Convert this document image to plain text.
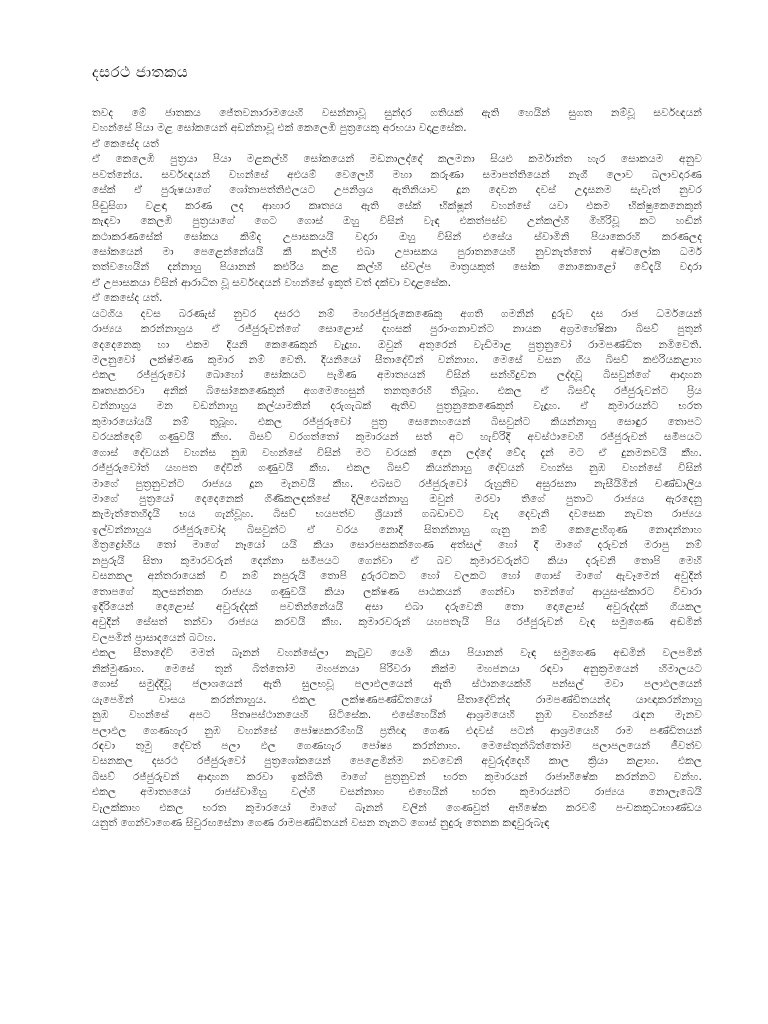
දසරථ ජාතකය
තවද මේ ජාතකය ජේතවනාරාමයෙහි වසන්නාවූ සුන්දර ගතියක් ඇති හෙයින් සුගත නම්වූ සර්වඥයන්
වහන්සේ පියා මළ සෝකයෙන් අඩන්නාවූ එක් කෙලෙඹි පුත්‍රයෙකු අරභයා වදාළසේක.
ඒ කෙසේද යත්
ඒ කෙලෙඹි පුත්‍රයා පියා මළකල්හි සෝකයෙන් මඩනාලද්දේ කලමනා සියළු කර්මාන්ත හැර සොකයම අනුව
පවත්නේය. සර්වඥයන් වහන්සේ අළුයම් වෙලෙහි මහා කරුණා සමාපත්තියෙන් නැගී ලොව බලාවදාරණ
සේක් ඒ පුරුෂයාගේ ශෝතාපත්තිඵලයට උපනිශ්‍රය ඇතිනියාව දූන දෙවන දවස් උදෑසනම සැවැත් නුවර
පිඬුසිගා වළඳා කරණ ලද ආහාර කෘත්‍යය ඇති සේක් භික්ෂූන් වහන්සේ යවා එකම භික්ෂුකෙනෙකුන්
කැඳවා කෙලඹි පුත්‍රයාගේ ගෙට ගොස් ඔහු විසින් වැඳ එකත්පස්ව උන්කල්හි මිහිරිවූ කට හඬින්
කථාකරණසේක් සෝකය කිම්ද උපාසකයයි වදාරා ඔහු විසින් එසේය ස්වාමිනි පියාකෙරහි කරණලද
සෝකයෙන් මා පෙළෙන්නේයයි කී කල්හි එබා උපාසකය පුරාතනයෙහි නුවනැත්තෝ අෂ්ටලෝක ධර්ම
තත්වහෙයින් දන්නාහු පියානන් කළුරිය කළ කල්හි ස්වල්ප මාත්‍රයකුත් සෝක නොකොළෝ වේදැයි වදාරා
ඒ උපාසකයා විසින් ආරාධිත වූ සර්වඥයන් වහන්සේ ඉකුත් වත් දක්වා වදාළසේක.
ඒ කෙසේද යත්.
යටගිය දවස බරණැස් නුවර දසරථ නම් මහරජ්ජුරුකෙණෙකු අගති ගමනින් දුරුව දස රාජ ධර්මයෙන්
රාජ්‍යය කරන්නාහුය ඒ රජ්ජුරුවන්ගේ සොළොස් දහසක් පුරාංගනාවන්ට නායක අග්‍රමහේෂිකා බිසව් පුතුන්
දෙදෙනෙකු හා එකම දියනි කෙණෙකුන් වැදූහ. ඔවුන් අතුරෙන් වැඩිමාළ පුත්‍රනුවෝ රාමපණ්ඩිත නමිවෙති.
මලනුවෝ ලක්ෂ්මණ කුමාර නම් වෙති. දියනියෝ සීතාදේවීන් වන්නාහ. මෙසේ වසන ගිය බිසව් කළුරියකළාහ
එකල රජ්ජුරුවෝ බොහෝ සෝකයට පැමිණ අමාත්‍යයන් විසින් සන්හිදුවන ලද්දාවූ බිසවුන්ගේ ආදාහන
කෘත්‍යකරවා අනික් බිසෝකෙණෙකුන් අගමෙහෙසුන් තනතුරෙහි තිබූහ. එකල ඒ බිසව්ද රජ්ජුරුවන්ට ප්‍රිය
වන්නාහුය මන වඩන්නාහු කල්යාමකින් දරුගැබක් ඇතිව පුත්‍රනුකෙණෙකුන් වැදූහ. ඒ කුමාරයන්ට භරත
කුමාරයෝයයි නම් තුබූහ. එකල රජ්ජුරුවෝ පුත්‍ර සෙනෙහයෙන් බිසවුන්ට කියන්නාහු සොඳුර තොපට
වරයක්දෙම් ගණුවයි කීහ. බිසව් වරගත්තෝ කුමාරයන් සත් අට හැවිරිදි අවස්ථාවෙහි රජ්ජුරුවන් සමීපයට
ගොස් දේවයන් වහන්ස නුඹ වහන්සේ විසින් මට වරයක් දෙන ලද්දේ වේද දැන් මට ඒ දුනමනවයි කීහ.
රජ්ජුරුවෝත් යහපත දේවීන් ගණුවයි කීහ. එකල බිසව් කියන්නාහු දේවයන් වහන්ස නුඹ වහන්සේ විසින්
මාගේ පුත්‍රනුවන්ට රාජ්‍යය දූන මැනවයි කීහ. එබසට රජ්ජුරුවෝ රුහුනිව අසුරසනා නැසීයිමින් චණ්ඩාලිය
මාගේ පුත්‍රයෝ දෙදෙනෙක් ගිණිකලඳක්සේ දිලියෙන්නාහු ඔවුන් මරවා තිගේ පුතාට රාජ්‍යය ඇරදෙනු
කැමැත්තෙහිදැයි භය ගැන්වූහ. බිසව් භයපත්ව ශ්‍රියාන් ගබඩාවට වැද දෙවැනි දවසෙක නැවත රාජ්‍යය
ඉල්වන්නාහුය රජ්ජුරුවෝද බිසවුන්ට ඒ වරය නොදී සිතන්නාහු ගැනු නම් කෙළෙහිගුණ නොදන්නාහ
මිත්‍රද්‍රෝහිය තෝ මාගේ නෑයෝ යයි කියා සොරපසකක්ගෙණ අත්සල් හෝ දී මාගේ දරුවන් මරාපු නම්
නපුරුයි සිතා කුමාරවරුන් දෙන්නා සමීපයට ගෙන්වා ඒ බව කුමාරවරුන්ට කියා දරුවනි තොපි මෙහි
වසනකල අන්තරායෙක් වී නම් නපුරුයි තොපි දුරුරටකට හෝ වලකට හෝ ගොස් මාගේ ඇවෑමෙන් අවුදින්
තොපගේ කුලසන්තක රාජ්‍යය ගණුවයි කියා ලක්ෂණ පාඨකයන් ගෙන්වා තමන්ගේ ආයුසංස්කාරට විචාරා
ඉදිරියෙන් දොළොස් අවුරුද්දක් පවතින්නේයයි අසා එබා දරුවෙනි තො දොළොස් අවුරුද්දක් ගියකල
අවුදින් සේසත් තන්වා රාජ්‍යය කරවයි කීහ. කුමාරවරුන් යහපතැයි පිය රජ්ජුරුවන් වැඳ සමුගෙණ අඬමින්
වලපමින් ප්‍රාසාදයෙන් බටහ.
එකල සීතාදේවි මමත් බෑනන් වහන්සේලා කැටුව යෙමි කියා පියානන් වැඳ සමුගෙණ අඬමින් වලපමින්
නික්මුණාහ. මෙසේ තුන් බිත්තෝම මහජනයා පිරිවරා නික්ම මහජනයා රඳවා අනුක්‍රමයෙන් හිමාලයට
ගොස් සමුද්දිවූ ජලාශයෙන් ඇති සුලභවූ පලාඵලයෙන් ඇති ස්ථානයෙක්හි පන්සල් මවා පලාඵලයෙන්
යැපෙමින් වාසය කරන්නාහුය. එකල ලක්ෂණපණ්ඩිතයෝ සීතාදේවින්ද රාමපණ්ඩිතයන්ද යාඥාකරන්නාහු
නුඹ වහන්සේ අපට පිතෘපස්ථානයෙහි සිටිසේක. එසේහෙයින් ආශ්‍රමයෙහි නුඹ වහන්සේ රැඳන මැනව
පලාඵල ගෙණහැර නුඹ වහන්සේ පෝෂ්‍යකරම්හයි ප්‍රතිඥා ගෙණ එදවස් පටන් ආශ්‍රමයෙහි රාම පණ්ඩිතයන්
රඳවා තුමු දේවත් පලා ඵල ගෙණහැර පෝෂ්‍ය කරන්නාහ. මෙසේතුන්බිත්තෝම පලාපලයෙන් ජීවත්ව
වසනකල දසරථ රජ්ජුරුවෝ පුත්‍රශෝකයෙන් පෙළෙමින්ම නවවෙනි අවුරුද්දෙහි කාල ක්‍රියා කළාහ. එකල
බිසව් රජ්ජුරුවන් ආදාහන කරවා ඉක්බිති මාගේ පුත්‍රනුවන් භරත කුමාරයන් රාජාභිෂේක කරන්නට වන්හ.
එකල අමාත්‍යයෝ රාජස්වාමිහු වල්හි වසන්නාහ එහෙයින් භරත කුමාරයන්ට රාජ්‍යය නොලැබෙයි
වැලක්කාහ එකල භරත කුමාරයෝ මාගේ බෑනන් වලින් ගෙණවුත් අභිෂේක කරවම් පංචකකුධාභාණ්ඩය
යනුත් ගෙන්වාගෙණ සිවුරඟසේනා ගෙණ රාමපණ්ඩිතයන් වසන තැනට ගොස් නුදුරු තෙනක කඳවුරුබැඳ
